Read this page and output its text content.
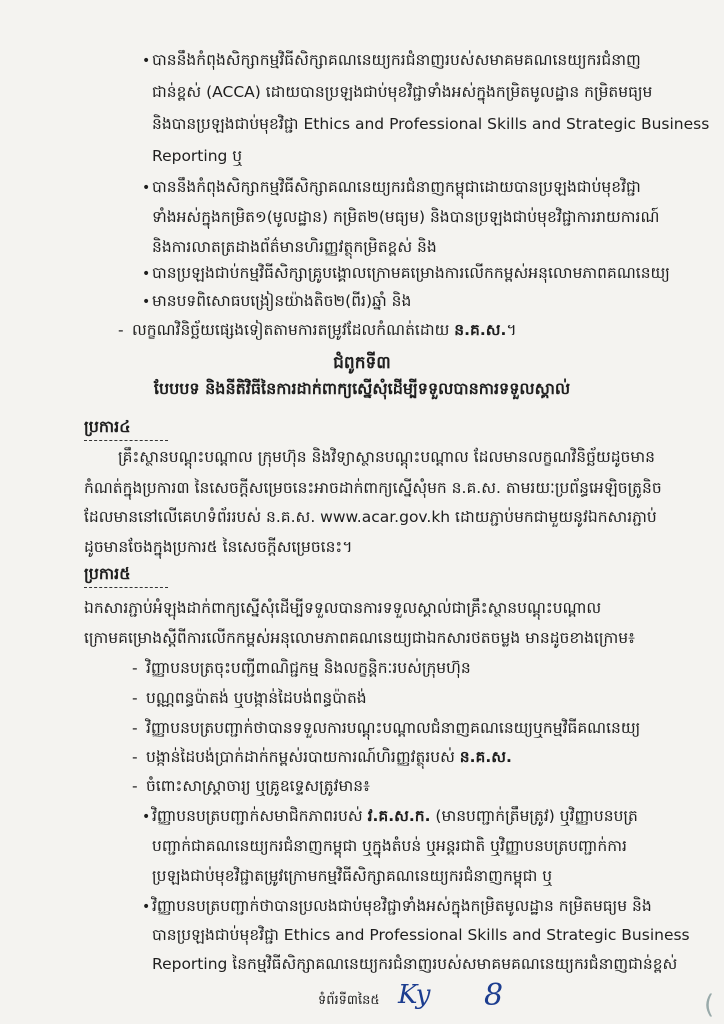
• បាននឹងកំពុងសិក្សាកម្មវិធីសិក្សាគណនេយ្យករជំនាញរបស់សមាគមគណនេយ្យករជំនាញ
ជាន់ខ្ពស់ (ACCA) ដោយបានប្រឡងជាប់មុខវិជ្ជាទាំងអស់ក្នុងកម្រិតមូលដ្ឋាន កម្រិតមធ្យម
និងបានប្រឡងជាប់មុខវិជ្ជា Ethics and Professional Skills and Strategic Business
Reporting ឬ
• បាននឹងកំពុងសិក្សាកម្មវិធីសិក្សាគណនេយ្យករជំនាញកម្ពុជាដោយបានប្រឡងជាប់មុខវិជ្ជា
ទាំងអស់ក្នុងកម្រិត១(មូលដ្ឋាន) កម្រិត២(មធ្យម) និងបានប្រឡងជាប់មុខវិជ្ជាការរាយការណ៍
និងការលាតត្រដាងព័ត៌មានហិរញ្ញវត្ថុកម្រិតខ្ពស់ និង
• បានប្រឡងជាប់កម្មវិធីសិក្សាគ្រូបង្គោលក្រោមគម្រោងការលើកកម្ពស់អនុលោមភាពគណនេយ្យ
• មានបទពិសោធបង្រៀនយ៉ាងតិច២(ពីរ)ឆ្នាំ និង
- លក្ខណវិនិច្ឆ័យផ្សេងទៀតតាមការតម្រូវដែលកំណត់ដោយ ន.គ.ស.។
ជំពូកទី៣
បែបបទ និងនីតិវិធីនៃការដាក់ពាក្យស្នើសុំដើម្បីទទួលបានការទទួលស្គាល់
ប្រការ៤
គ្រឹះស្ថានបណ្តុះបណ្តាល ក្រុមហ៊ុន និងវិទ្យាស្ថានបណ្តុះបណ្តាល ដែលមានលក្ខណវិនិច្ឆ័យដូចមាន
កំណត់ក្នុងប្រការ៣ នៃសេចក្តីសម្រេចនេះអាចដាក់ពាក្យស្នើសុំមក ន.គ.ស. តាមរយៈប្រព័ន្ធអេឡិចត្រូនិច
ដែលមាននៅលើគេហទំព័ររបស់ ន.គ.ស. www.acar.gov.kh ដោយភ្ជាប់មកជាមួយនូវឯកសារភ្ជាប់
ដូចមានចែងក្នុងប្រការ៥ នៃសេចក្តីសម្រេចនេះ។
ប្រការ៥
ឯកសារភ្ជាប់អំឡុងដាក់ពាក្យស្នើសុំដើម្បីទទួលបានការទទួលស្គាល់ជាគ្រឹះស្ថានបណ្តុះបណ្តាល
ក្រោមគម្រោងស្តីពីការលើកកម្ពស់អនុលោមភាពគណនេយ្យជាឯកសារថតចម្លង មានដូចខាងក្រោម៖
- វិញ្ញាបនបត្រចុះបញ្ជីពាណិជ្ជកម្ម និងលក្ខន្តិកៈរបស់ក្រុមហ៊ុន
- បណ្ណពន្ធប៉ាតង់ ឬបង្កាន់ដៃបង់ពន្ធប៉ាតង់
- វិញ្ញាបនបត្របញ្ជាក់ថាបានទទួលការបណ្តុះបណ្តាលជំនាញគណនេយ្យឬកម្មវិធីគណនេយ្យ
- បង្កាន់ដៃបង់ប្រាក់ដាក់កម្ពស់របាយការណ៍ហិរញ្ញវត្ថុរបស់ ន.គ.ស.
- ចំពោះសាស្ត្រាចារ្យ ឬគ្រូឧទ្ទេសត្រូវមាន៖
• វិញ្ញាបនបត្របញ្ជាក់សមាជិកភាពរបស់ វ.គ.ស.ក. (មានបញ្ជាក់ត្រឹមត្រូវ) ឬវិញ្ញាបនបត្រ
បញ្ជាក់ជាគណនេយ្យករជំនាញកម្ពុជា ឬក្នុងតំបន់ ឬអន្តរជាតិ ឬវិញ្ញាបនបត្របញ្ជាក់ការ
ប្រឡងជាប់មុខវិជ្ជាតម្រូវក្រោមកម្មវិធីសិក្សាគណនេយ្យករជំនាញកម្ពុជា ឬ
• វិញ្ញាបនបត្របញ្ជាក់ថាបានប្រលងជាប់មុខវិជ្ជាទាំងអស់ក្នុងកម្រិតមូលដ្ឋាន កម្រិតមធ្យម និង
បានប្រឡងជាប់មុខវិជ្ជា Ethics and Professional Skills and Strategic Business
Reporting នៃកម្មវិធីសិក្សាគណនេយ្យករជំនាញរបស់សមាគមគណនេយ្យករជំនាញជាន់ខ្ពស់
ទំព័រទី៣នៃ៥ Ky 8	(
